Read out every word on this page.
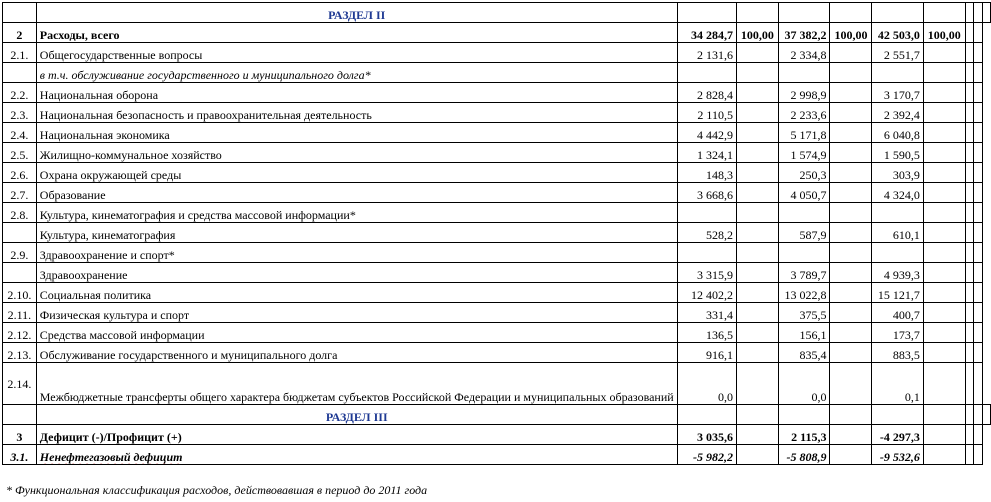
	РАЗДЕЛ II									
2	Расходы, всего	34 284,7	100,00	37 382,2	100,00	42 503,0	100,00			
2.1.	Общегосударственные вопросы	2 131,6		2 334,8		2 551,7				
	в т.ч. обслуживание государственного и муниципального долга*									
2.2.	Национальная оборона	2 828,4		2 998,9		3 170,7				
2.3.	Национальная безопасность и правоохранительная деятельность	2 110,5		2 233,6		2 392,4				
2.4.	Национальная экономика	4 442,9		5 171,8		6 040,8				
2.5.	Жилищно-коммунальное хозяйство	1 324,1		1 574,9		1 590,5				
2.6.	Охрана окружающей среды	148,3		250,3		303,9				
2.7.	Образование	3 668,6		4 050,7		4 324,0				
2.8.	Культура, кинематография и средства массовой информации*									
	Культура, кинематография	528,2		587,9		610,1				
2.9.	Здравоохранение и спорт*									
	Здравоохранение	3 315,9		3 789,7		4 939,3				
2.10.	Социальная политика	12 402,2		13 022,8		15 121,7				
2.11.	Физическая культура и спорт	331,4		375,5		400,7				
2.12.	Средства массовой информации	136,5		156,1		173,7				
2.13.	Обслуживание государственного и муниципального долга	916,1		835,4		883,5				
2.14.	Межбюджетные трансферты общего характера бюджетам субъектов Российской Федерации и муниципальных образований	0,0		0,0		0,1				
	РАЗДЕЛ III									
3	Дефицит (-)/Профицит (+)	3 035,6		2 115,3		-4 297,3				
3.1.	Ненефтегазовый дефицит	-5 982,2		-5 808,9		-9 532,6				
* Функциональная классификация расходов, действовавшая в период до 2011 года
